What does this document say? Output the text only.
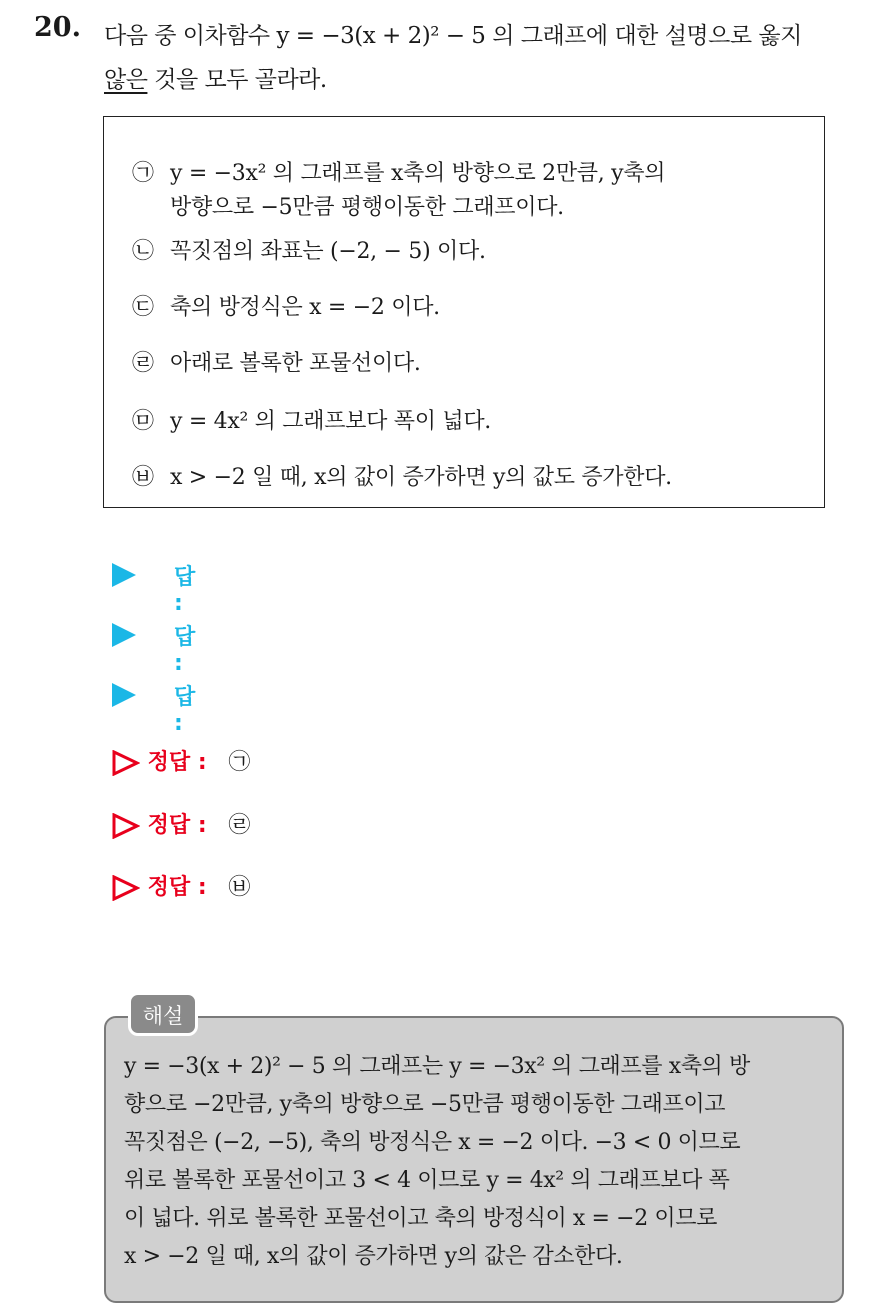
20. 다음 중 이차함수 y = −3(x + 2)² − 5 의 그래프에 대한 설명으로 옳지
않은 것을 모두 골라라.
㉠ y = −3x² 의 그래프를 x축의 방향으로 2만큼, y축의
방향으로 −5만큼 평행이동한 그래프이다.
㉡ 꼭짓점의 좌표는 (−2, − 5) 이다.
㉢ 축의 방정식은 x = −2 이다.
㉣ 아래로 볼록한 포물선이다.
㉤ y = 4x² 의 그래프보다 폭이 넓다.
㉥ x > −2 일 때, x의 값이 증가하면 y의 값도 증가한다.
답 :
답 :
답 :
정답 : ㉠
정답 : ㉣
정답 : ㉥
해설
y = −3(x + 2)² − 5 의 그래프는 y = −3x² 의 그래프를 x축의 방
향으로 −2만큼, y축의 방향으로 −5만큼 평행이동한 그래프이고
꼭짓점은 (−2, −5), 축의 방정식은 x = −2 이다. −3 < 0 이므로
위로 볼록한 포물선이고 3 < 4 이므로 y = 4x² 의 그래프보다 폭
이 넓다. 위로 볼록한 포물선이고 축의 방정식이 x = −2 이므로
x > −2 일 때, x의 값이 증가하면 y의 값은 감소한다.
